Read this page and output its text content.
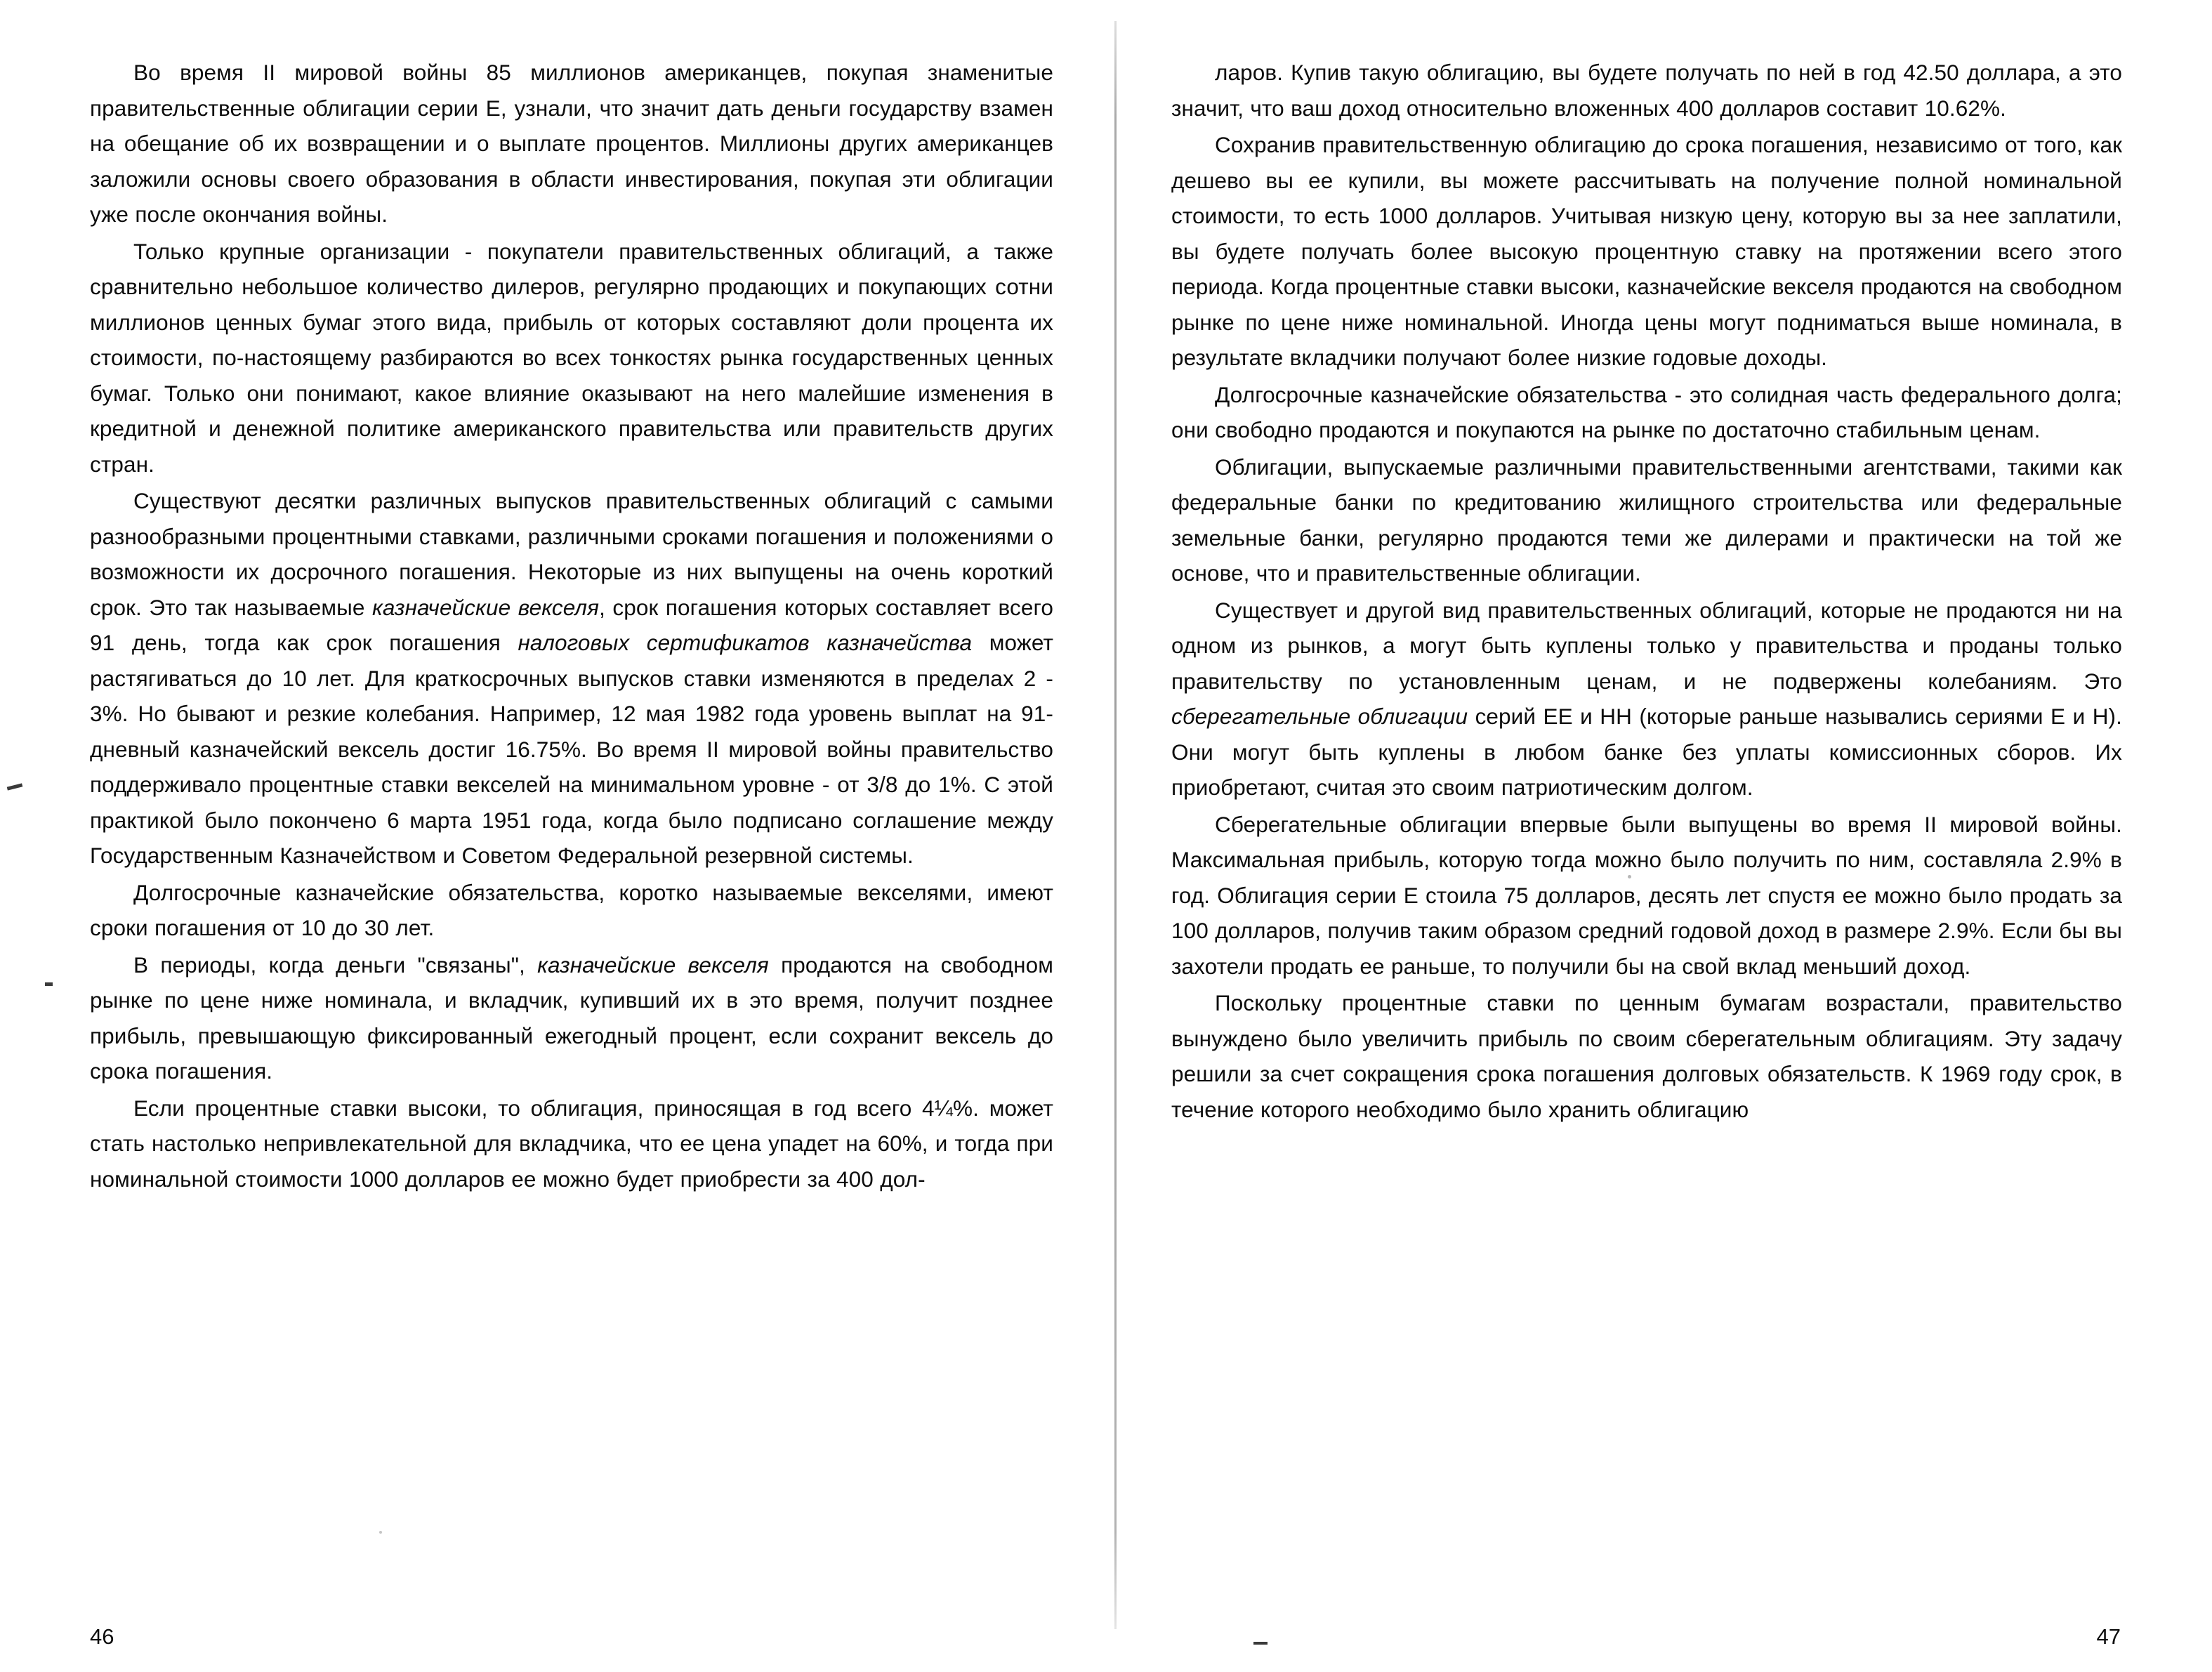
Во время II мировой войны 85 миллионов американцев, покупая знаменитые правительственные облигации серии Е, узнали, что значит дать деньги государству взамен на обещание об их возвращении и о выплате процентов. Миллионы других американцев заложили основы своего образования в области инвестирования, покупая эти облигации уже после окончания войны.

Только крупные организации - покупатели правительственных облигаций, а также сравнительно небольшое количество дилеров, регулярно продающих и покупающих сотни миллионов ценных бумаг этого вида, прибыль от которых составляют доли процента их стоимости, по-настоящему разбираются во всех тонкостях рынка государственных ценных бумаг. Только они понимают, какое влияние оказывают на него малейшие изменения в кредитной и денежной политике американского правительства или правительств других стран.

Существуют десятки различных выпусков правительственных облигаций с самыми разнообразными процентными ставками, различными сроками погашения и положениями о возможности их досрочного погашения. Некоторые из них выпущены на очень короткий срок. Это так называемые казначейские векселя, срок погашения которых составляет всего 91 день, тогда как срок погашения налоговых сертификатов казначейства может растягиваться до 10 лет. Для краткосрочных выпусков ставки изменяются в пределах 2 - 3%. Но бывают и резкие колебания. Например, 12 мая 1982 года уровень выплат на 91-дневный казначейский вексель достиг 16.75%. Во время II мировой войны правительство поддерживало процентные ставки векселей на минимальном уровне - от 3/8 до 1%. С этой практикой было покончено 6 марта 1951 года, когда было подписано соглашение между Государственным Казначейством и Советом Федеральной резервной системы.

Долгосрочные казначейские обязательства, коротко называемые векселями, имеют сроки погашения от 10 до 30 лет.

В периоды, когда деньги "связаны", казначейские векселя продаются на свободном рынке по цене ниже номинала, и вкладчик, купивший их в это время, получит позднее прибыль, превышающую фиксированный ежегодный процент, если сохранит вексель до срока погашения.

Если процентные ставки высоки, то облигация, приносящая в год всего 4¼%. может стать настолько непривлекательной для вкладчика, что ее цена упадет на 60%, и тогда при номинальной стоимости 1000 долларов ее можно будет приобрести за 400 дол-

46

ларов. Купив такую облигацию, вы будете получать по ней в год 42.50 доллара, а это значит, что ваш доход относительно вложенных 400 долларов составит 10.62%.

Сохранив правительственную облигацию до срока погашения, независимо от того, как дешево вы ее купили, вы можете рассчитывать на получение полной номинальной стоимости, то есть 1000 долларов. Учитывая низкую цену, которую вы за нее заплатили, вы будете получать более высокую процентную ставку на протяжении всего этого периода. Когда процентные ставки высоки, казначейские векселя продаются на свободном рынке по цене ниже номинальной. Иногда цены могут подниматься выше номинала, в результате вкладчики получают более низкие годовые доходы.

Долгосрочные казначейские обязательства - это солидная часть федерального долга; они свободно продаются и покупаются на рынке по достаточно стабильным ценам.

Облигации, выпускаемые различными правительственными агентствами, такими как федеральные банки по кредитованию жилищного строительства или федеральные земельные банки, регулярно продаются теми же дилерами и практически на той же основе, что и правительственные облигации.

Существует и другой вид правительственных облигаций, которые не продаются ни на одном из рынков, а могут быть куплены только у правительства и проданы только правительству по установленным ценам, и не подвержены колебаниям. Это сберегательные облигации серий ЕЕ и НН (которые раньше назывались сериями Е и Н). Они могут быть куплены в любом банке без уплаты комиссионных сборов. Их приобретают, считая это своим патриотическим долгом.

Сберегательные облигации впервые были выпущены во время II мировой войны. Максимальная прибыль, которую тогда можно было получить по ним, составляла 2.9% в год. Облигация серии Е стоила 75 долларов, десять лет спустя ее можно было продать за 100 долларов, получив таким образом средний годовой доход в размере 2.9%. Если бы вы захотели продать ее раньше, то получили бы на свой вклад меньший доход.

Поскольку процентные ставки по ценным бумагам возрастали, правительство вынуждено было увеличить прибыль по своим сберегательным облигациям. Эту задачу решили за счет сокращения срока погашения долговых обязательств. К 1969 году срок, в течение которого необходимо было хранить облигацию

47
